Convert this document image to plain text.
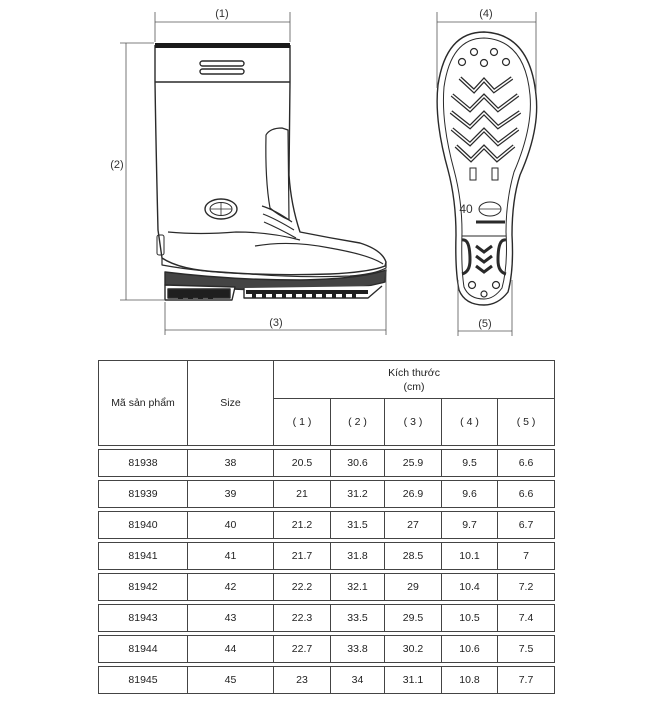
(1)
(2)
(3)
40
(4)
(5)
Mã sản phẩm	Size	Kích thước
(cm)				

		( 1 )	( 2 )	( 3 )	( 4 )	( 5 )

81938	38	20.5	30.6	25.9	9.5	6.6

81939	39	21	31.2	26.9	9.6	6.6

81940	40	21.2	31.5	27	9.7	6.7

81941	41	21.7	31.8	28.5	10.1	7

81942	42	22.2	32.1	29	10.4	7.2

81943	43	22.3	33.5	29.5	10.5	7.4

81944	44	22.7	33.8	30.2	10.6	7.5

81945	45	23	34	31.1	10.8	7.7
